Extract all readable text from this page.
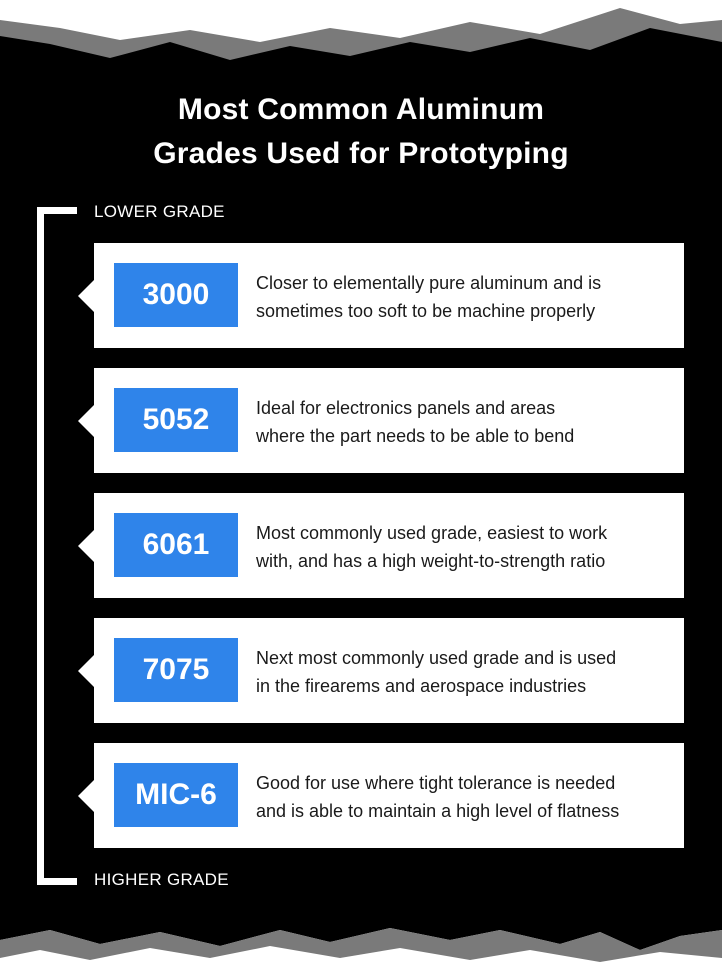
Most Common Aluminum
Grades Used for Prototyping
LOWER GRADE
HIGHER GRADE
3000	Closer to elementally pure aluminum and is
sometimes too soft to be machine properly
5052	Ideal for electronics panels and areas
where the part needs to be able to bend
6061	Most commonly used grade, easiest to work
with, and has a high weight-to-strength ratio
7075	Next most commonly used grade and is used
in the firearems and aerospace industries
MIC-6	Good for use where tight tolerance is needed
and is able to maintain a high level of flatness
